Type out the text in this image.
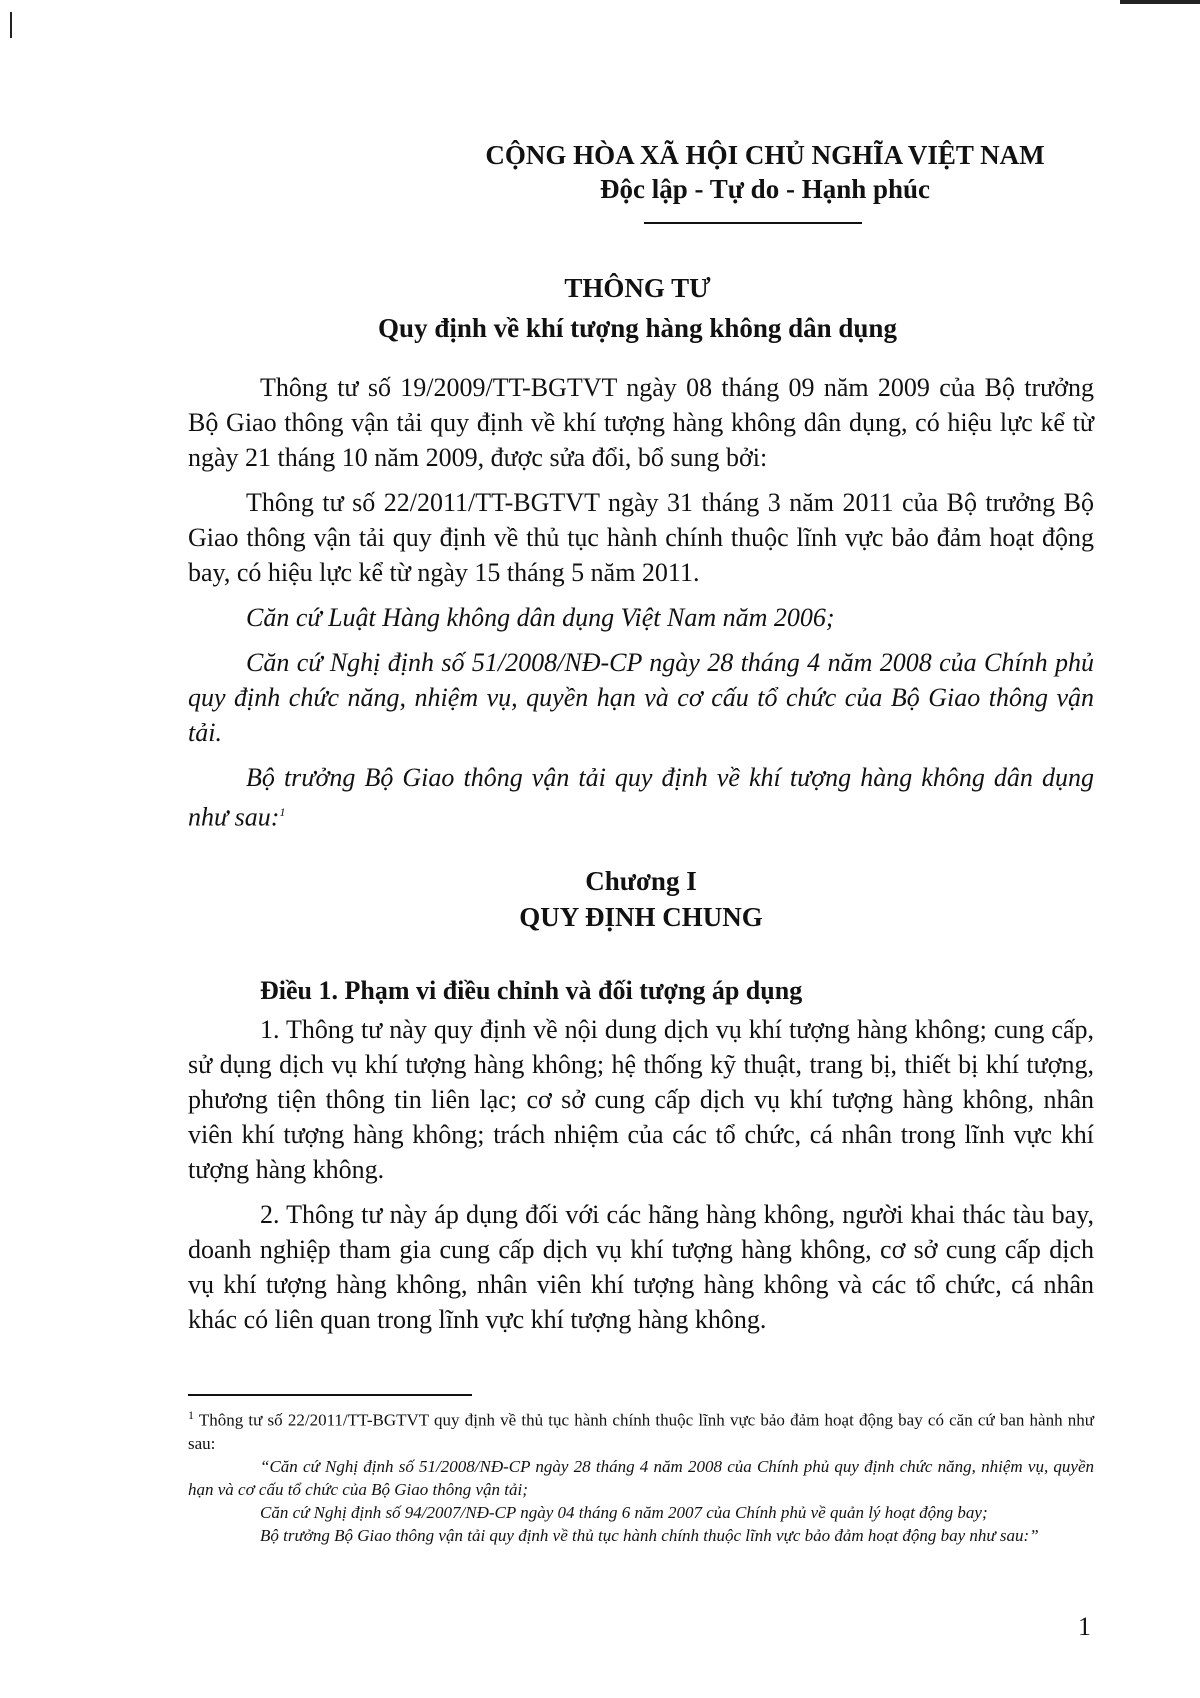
CỘNG HÒA XÃ HỘI CHỦ NGHĨA VIỆT NAM
Độc lập - Tự do - Hạnh phúc
THÔNG TƯ
Quy định về khí tượng hàng không dân dụng

Thông tư số 19/2009/TT-BGTVT ngày 08 tháng 09 năm 2009 của Bộ trưởng Bộ Giao thông vận tải quy định về khí tượng hàng không dân dụng, có hiệu lực kể từ ngày 21 tháng 10 năm 2009, được sửa đổi, bổ sung bởi:

Thông tư số 22/2011/TT-BGTVT ngày 31 tháng 3 năm 2011 của Bộ trưởng Bộ Giao thông vận tải quy định về thủ tục hành chính thuộc lĩnh vực bảo đảm hoạt động bay, có hiệu lực kể từ ngày 15 tháng 5 năm 2011.

Căn cứ Luật Hàng không dân dụng Việt Nam năm 2006;

Căn cứ Nghị định số 51/2008/NĐ-CP ngày 28 tháng 4 năm 2008 của Chính phủ quy định chức năng, nhiệm vụ, quyền hạn và cơ cấu tổ chức của Bộ Giao thông vận tải.

Bộ trưởng Bộ Giao thông vận tải quy định về khí tượng hàng không dân dụng như sau:$^1$

Chương I
QUY ĐỊNH CHUNG

Điều 1. Phạm vi điều chỉnh và đối tượng áp dụng

1. Thông tư này quy định về nội dung dịch vụ khí tượng hàng không; cung cấp, sử dụng dịch vụ khí tượng hàng không; hệ thống kỹ thuật, trang bị, thiết bị khí tượng, phương tiện thông tin liên lạc; cơ sở cung cấp dịch vụ khí tượng hàng không, nhân viên khí tượng hàng không; trách nhiệm của các tổ chức, cá nhân trong lĩnh vực khí tượng hàng không.

2. Thông tư này áp dụng đối với các hãng hàng không, người khai thác tàu bay, doanh nghiệp tham gia cung cấp dịch vụ khí tượng hàng không, cơ sở cung cấp dịch vụ khí tượng hàng không, nhân viên khí tượng hàng không và các tổ chức, cá nhân khác có liên quan trong lĩnh vực khí tượng hàng không.

$^1$ Thông tư số 22/2011/TT-BGTVT quy định về thủ tục hành chính thuộc lĩnh vực bảo đảm hoạt động bay có căn cứ ban hành như sau:

“Căn cứ Nghị định số 51/2008/NĐ-CP ngày 28 tháng 4 năm 2008 của Chính phủ quy định chức năng, nhiệm vụ, quyền hạn và cơ cấu tổ chức của Bộ Giao thông vận tải;

Căn cứ Nghị định số 94/2007/NĐ-CP ngày 04 tháng 6 năm 2007 của Chính phủ về quản lý hoạt động bay;

Bộ trưởng Bộ Giao thông vận tải quy định về thủ tục hành chính thuộc lĩnh vực bảo đảm hoạt động bay như sau:”

1
